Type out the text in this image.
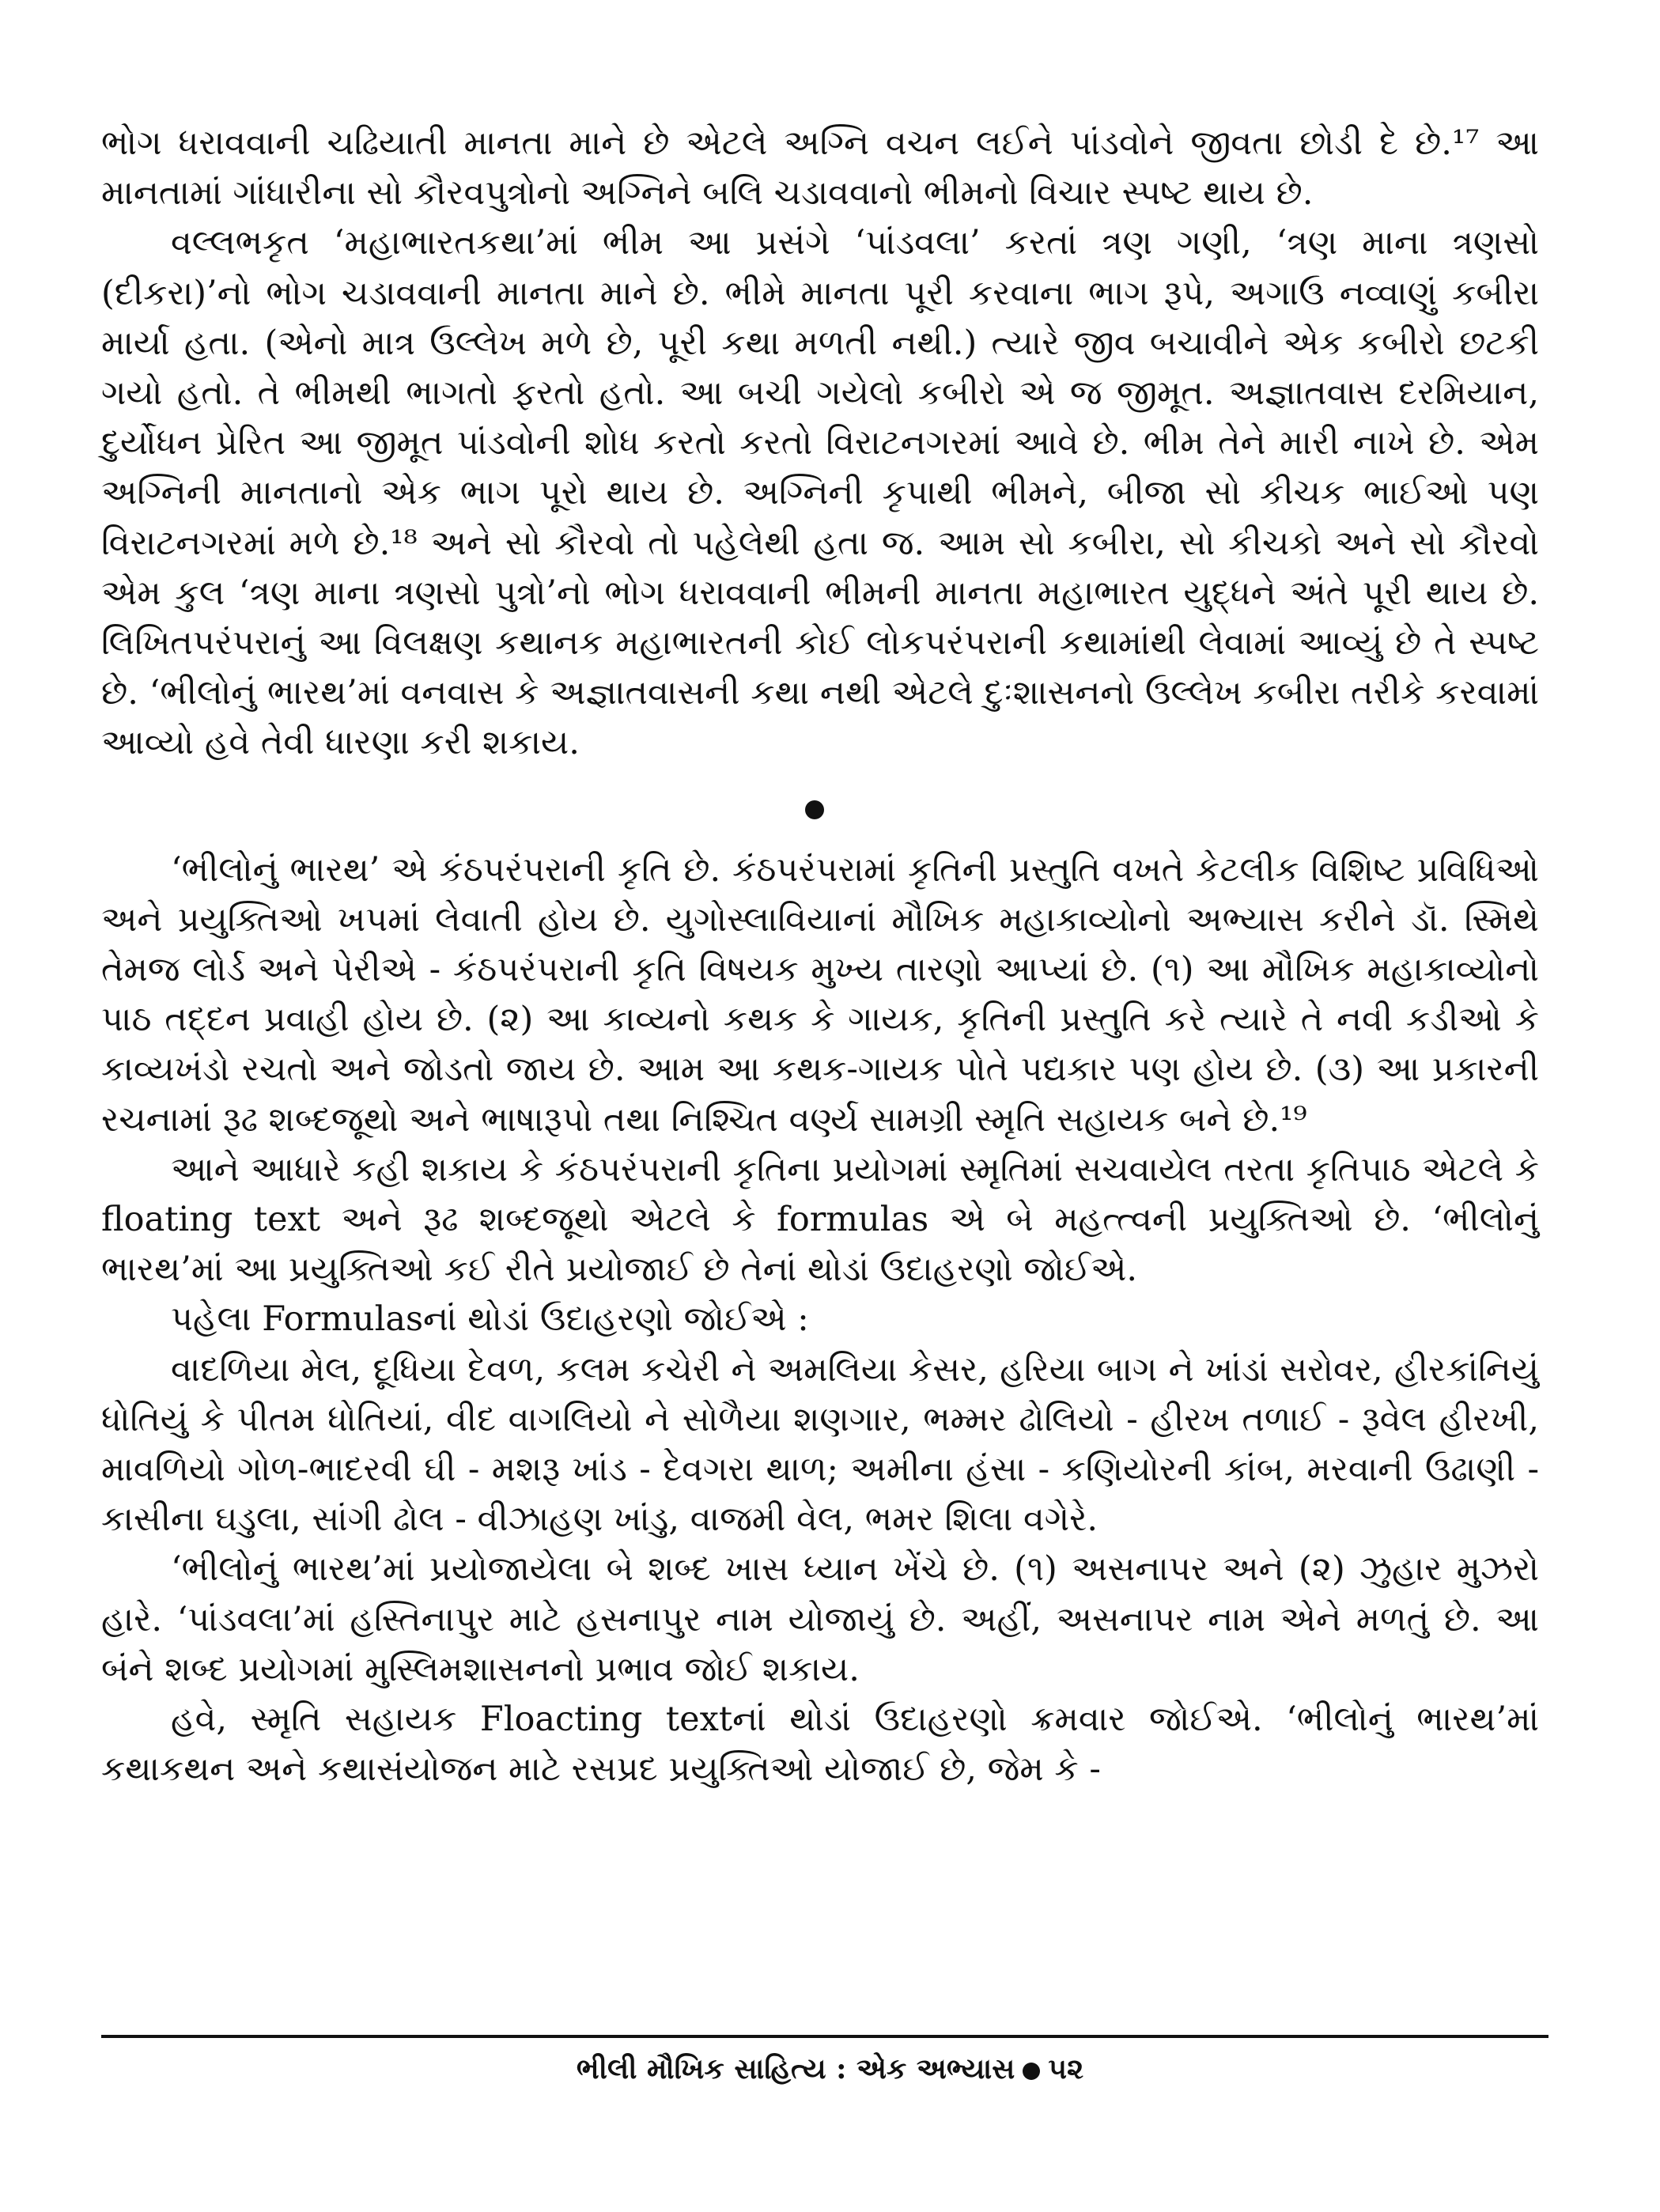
ભોગ ધરાવવાની ચઢિયાતી માનતા માને છે એટલે અગ્નિ વચન લઈને પાંડવોને જીવતા છોડી દે છે.¹⁷ આ માનતામાં ગાંધારીના સો કૌરવપુત્રોનો અગ્નિને બલિ ચડાવવાનો ભીમનો વિચાર સ્પષ્ટ થાય છે.

વલ્લભકૃત ‘મહાભારતકથા’માં ભીમ આ પ્રસંગે ‘પાંડવલા’ કરતાં ત્રણ ગણી, ‘ત્રણ માના ત્રણસો (દીકરા)’નો ભોગ ચડાવવાની માનતા માને છે. ભીમે માનતા પૂરી કરવાના ભાગ રૂપે, અગાઉ નવ્વાણું કબીરા માર્યા હતા. (એનો માત્ર ઉલ્લેખ મળે છે, પૂરી કથા મળતી નથી.) ત્યારે જીવ બચાવીને એક કબીરો છટકી ગયો હતો. તે ભીમથી ભાગતો ફરતો હતો. આ બચી ગયેલો કબીરો એ જ જીમૂત. અજ્ઞાતવાસ દરમિયાન, દુર્યોધન પ્રેરિત આ જીમૂત પાંડવોની શોધ કરતો કરતો વિરાટનગરમાં આવે છે. ભીમ તેને મારી નાખે છે. એમ અગ્નિની માનતાનો એક ભાગ પૂરો થાય છે. અગ્નિની કૃપાથી ભીમને, બીજા સો કીચક ભાઈઓ પણ વિરાટનગરમાં મળે છે.¹⁸ અને સો કૌરવો તો પહેલેથી હતા જ. આમ સો કબીરા, સો કીચકો અને સો કૌરવો એમ કુલ ‘ત્રણ માના ત્રણસો પુત્રો’નો ભોગ ધરાવવાની ભીમની માનતા મહાભારત યુદ્ધને અંતે પૂરી થાય છે. લિખિતપરંપરાનું આ વિલક્ષણ કથાનક મહાભારતની કોઈ લોકપરંપરાની કથામાંથી લેવામાં આવ્યું છે તે સ્પષ્ટ છે. ‘ભીલોનું ભારથ’માં વનવાસ કે અજ્ઞાતવાસની કથા નથી એટલે દુઃશાસનનો ઉલ્લેખ કબીરા તરીકે કરવામાં આવ્યો હવે તેવી ધારણા કરી શકાય.

‘ભીલોનું ભારથ’ એ કંઠપરંપરાની કૃતિ છે. કંઠપરંપરામાં કૃતિની પ્રસ્તુતિ વખતે કેટલીક વિશિષ્ટ પ્રવિધિઓ અને પ્રયુક્તિઓ ખપમાં લેવાતી હોય છે. યુગોસ્લાવિયાનાં મૌખિક મહાકાવ્યોનો અભ્યાસ કરીને ડૉ. સ્મિથે તેમજ લોર્ડ અને પેરીએ - કંઠપરંપરાની કૃતિ વિષયક મુખ્ય તારણો આપ્યાં છે. (૧) આ મૌખિક મહાકાવ્યોનો પાઠ તદ્દન પ્રવાહી હોય છે. (૨) આ કાવ્યનો કથક કે ગાયક, કૃતિની પ્રસ્તુતિ કરે ત્યારે તે નવી કડીઓ કે કાવ્યખંડો રચતો અને જોડતો જાય છે. આમ આ કથક-ગાયક પોતે પદ્યકાર પણ હોય છે. (૩) આ પ્રકારની રચનામાં રૂઢ શબ્દજૂથો અને ભાષારૂપો તથા નિશ્ચિત વર્ણ્ય સામગ્રી સ્મૃતિ સહાયક બને છે.¹⁹

આને આધારે કહી શકાય કે કંઠપરંપરાની કૃતિના પ્રયોગમાં સ્મૃતિમાં સચવાયેલ તરતા કૃતિપાઠ એટલે કે floating text અને રૂઢ શબ્દજૂથો એટલે કે formulas એ બે મહત્ત્વની પ્રયુક્તિઓ છે. ‘ભીલોનું ભારથ’માં આ પ્રયુક્તિઓ કઈ રીતે પ્રયોજાઈ છે તેનાં થોડાં ઉદાહરણો જોઈએ.

પહેલા Formulasનાં થોડાં ઉદાહરણો જોઈએ :

વાદળિયા મેલ, દૂધિયા દેવળ, કલમ કચેરી ને અમલિયા કેસર, હરિયા બાગ ને ખાંડાં સરોવર, હીરકાંનિયું ધોતિયું કે પીતમ ધોતિયાં, વીદ વાગલિયો ને સોળૈયા શણગાર, ભમ્મર ઢોલિયો - હીરખ તળાઈ - રૂવેલ હીરખી, માવળિયો ગોળ-ભાદરવી ઘી - મશરૂ ખાંડ - દેવગરા થાળ; અમીના હંસા - કણિયોરની કાંબ, મરવાની ઉઢાણી - કાસીના ઘડુલા, સાંગી ઢોલ - વીઝાહણ ખાંડુ, વાજમી વેલ, ભમર શિલા વગેરે.

‘ભીલોનું ભારથ’માં પ્રયોજાયેલા બે શબ્દ ખાસ ધ્યાન ખેંચે છે. (૧) અસનાપર અને (૨) ઝુહાર મુઝરો હારે. ‘પાંડવલા’માં હસ્તિનાપુર માટે હસનાપુર નામ યોજાયું છે. અહીં, અસનાપર નામ એને મળતું છે. આ બંને શબ્દ પ્રયોગમાં મુસ્લિમશાસનનો પ્રભાવ જોઈ શકાય.

હવે, સ્મૃતિ સહાયક Floacting textનાં થોડાં ઉદાહરણો ક્રમવાર જોઈએ. ‘ભીલોનું ભારથ’માં કથાકથન અને કથાસંયોજન માટે રસપ્રદ પ્રયુક્તિઓ યોજાઈ છે, જેમ કે -

ભીલી મૌખિક સાહિત્ય : એક અભ્યાસ ૫૨
